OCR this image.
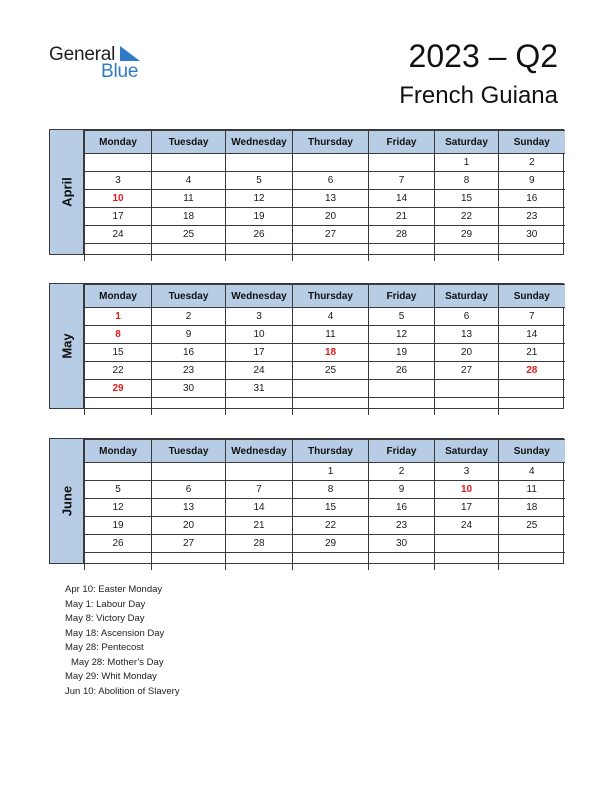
General
Blue	2023 – Q2
French Guiana
April
Monday	Tuesday	Wednesday	Thursday	Friday	Saturday	Sunday
					1	2
3	4	5	6	7	8	9
10	11	12	13	14	15	16
17	18	19	20	21	22	23
24	25	26	27	28	29	30

May
Monday	Tuesday	Wednesday	Thursday	Friday	Saturday	Sunday
1	2	3	4	5	6	7
8	9	10	11	12	13	14
15	16	17	18	19	20	21
22	23	24	25	26	27	28
29	30	31				

June
Monday	Tuesday	Wednesday	Thursday	Friday	Saturday	Sunday
			1	2	3	4
5	6	7	8	9	10	11
12	13	14	15	16	17	18
19	20	21	22	23	24	25
26	27	28	29	30		

Apr 10: Easter Monday
May 1: Labour Day
May 8: Victory Day
May 18: Ascension Day
May 28: Pentecost
May 28: Mother’s Day
May 29: Whit Monday
Jun 10: Abolition of Slavery
